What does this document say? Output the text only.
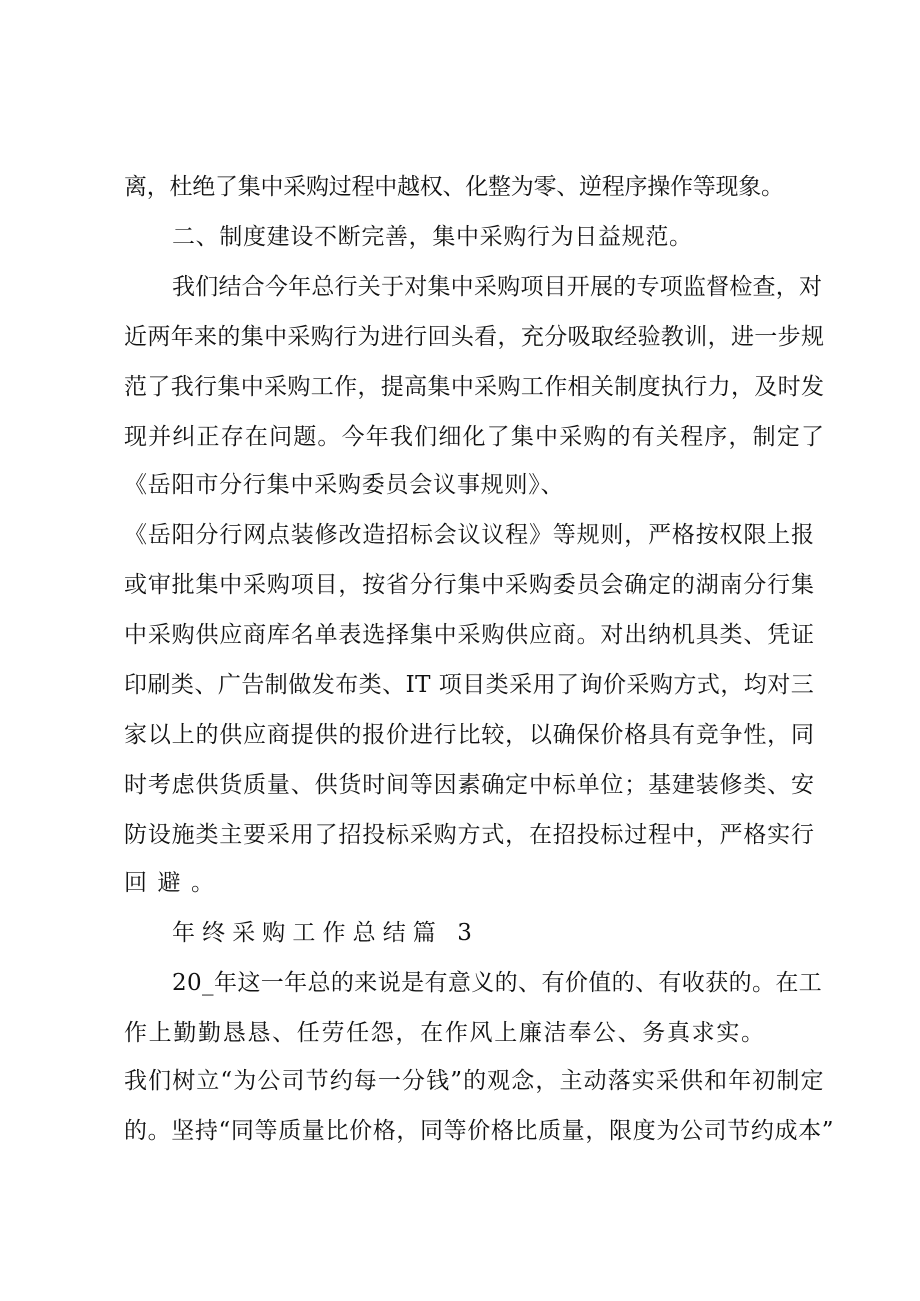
离，杜绝了集中采购过程中越权、化整为零、逆程序操作等现象。
二、制度建设不断完善，集中采购行为日益规范。
我们结合今年总行关于对集中采购项目开展的专项监督检查，对
近两年来的集中采购行为进行回头看，充分吸取经验教训，进一步规
范了我行集中采购工作，提高集中采购工作相关制度执行力，及时发
现并纠正存在问题。今年我们细化了集中采购的有关程序，制定了
《岳阳市分行集中采购委员会议事规则》、
《岳阳分行网点装修改造招标会议议程》等规则，严格按权限上报
或审批集中采购项目，按省分行集中采购委员会确定的湖南分行集
中采购供应商库名单表选择集中采购供应商。对出纳机具类、凭证
印刷类、广告制做发布类、IT 项目类采用了询价采购方式，均对三
家以上的供应商提供的报价进行比较，以确保价格具有竞争性，同
时考虑供货质量、供货时间等因素确定中标单位；基建装修类、安
防设施类主要采用了招投标采购方式，在招投标过程中，严格实行
回避。
年终采购工作总结篇 3
20_年这一年总的来说是有意义的、有价值的、有收获的。在工
作上勤勤恳恳、任劳任怨，在作风上廉洁奉公、务真求实。
我们树立“为公司节约每一分钱”的观念，主动落实采供和年初制定
的。坚持“同等质量比价格，同等价格比质量，限度为公司节约成本”
